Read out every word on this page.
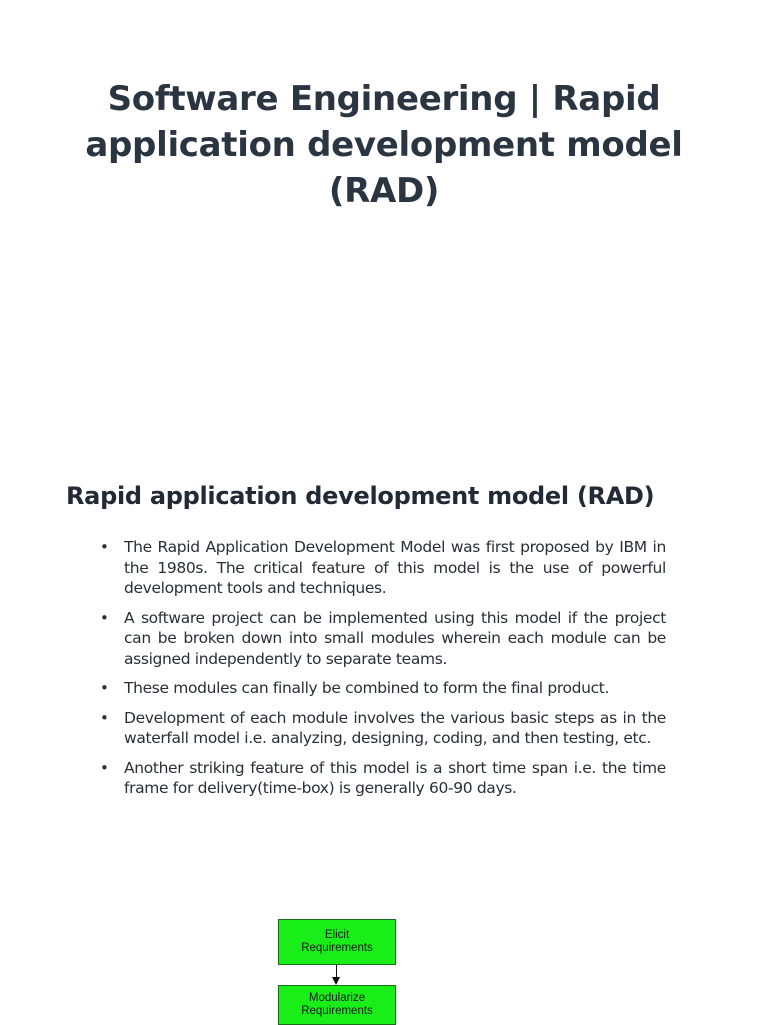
Software Engineering | Rapid
application development model
(RAD)
Rapid application development model (RAD)
• The Rapid Application Development Model was first proposed by IBM in the 1980s. The critical feature of this model is the use of powerful development tools and techniques.
• A software project can be implemented using this model if the project can be broken down into small modules wherein each module can be assigned independently to separate teams.
• These modules can finally be combined to form the final product.
• Development of each module involves the various basic steps as in the waterfall model i.e. analyzing, designing, coding, and then testing, etc.
• Another striking feature of this model is a short time span i.e. the time frame for delivery(time-box) is generally 60-90 days.
Elicit
Requirements
Modularize
Requirements
